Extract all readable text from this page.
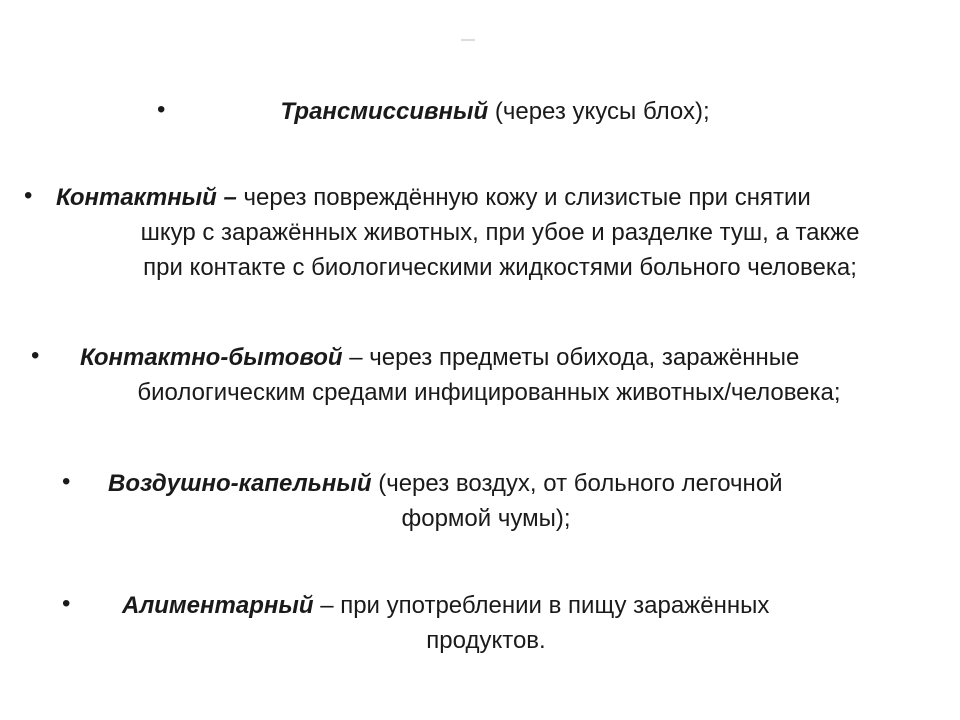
•	Трансмиссивный (через укусы блох);
• Контактный – через повреждённую кожу и слизистые при снятии
шкур с заражённых животных, при убое и разделке туш, а также
при контакте с биологическими жидкостями больного человека;
•	Контактно-бытовой – через предметы обихода, заражённые
биологическим средами инфицированных животных/человека;
•	Воздушно-капельный (через воздух, от больного легочной
формой чумы);
•	Алиментарный – при употреблении в пищу заражённых
продуктов.
